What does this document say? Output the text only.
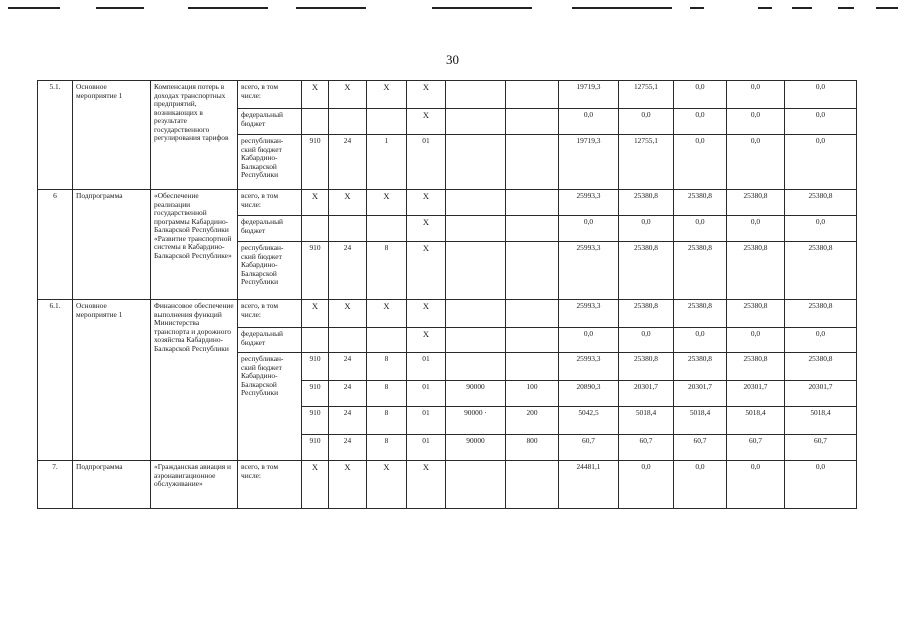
30
5.1.	Основное мероприятие 1	Компенсация потерь в доходах транспортных предприятий, возникающих в результате государственного регулирования тарифов	всего, в том числе:	Х	Х	Х	Х			19719,3	12755,1	0,0	0,0	0,0
			федеральный бюджет				Х			0,0	0,0	0,0	0,0	0,0
			республикан-ский бюджет Кабардино-Балкарской Республики	910	24	1	01			19719,3	12755,1	0,0	0,0	0,0
6	Подпрограмма	«Обеспечение реализации государственной программы Кабардино-Балкарской Республики «Развитие транспортной системы в Кабардино-Балкарской Республике»	всего, в том числе:	Х	Х	Х	Х			25993,3	25380,8	25380,8	25380,8	25380,8
			федеральный бюджет				Х			0,0	0,0	0,0	0,0	0,0
			республикан-ский бюджет Кабардино-Балкарской Республики	910	24	8	Х			25993,3	25380,8	25380,8	25380,8	25380,8
6.1.	Основное мероприятие 1	Финансовое обеспечение выполнения функций Министерства транспорта и дорожного хозяйства Кабардино-Балкарской Республики	всего, в том числе:	Х	Х	Х	Х			25993,3	25380,8	25380,8	25380,8	25380,8
			федеральный бюджет				Х			0,0	0,0	0,0	0,0	0,0
			республикан-ский бюджет Кабардино-Балкарской Республики	910	24	8	01			25993,3	25380,8	25380,8	25380,8	25380,8
				910	24	8	01	90000	100	20890,3	20301,7	20301,7	20301,7	20301,7
				910	24	8	01	90000 ·	200	5042,5	5018,4	5018,4	5018,4	5018,4
				910	24	8	01	90000	800	60,7	60,7	60,7	60,7	60,7
7.	Подпрограмма	«Гражданская авиация и аэронавигационное обслуживание»	всего, в том числе:	Х	Х	Х	Х			24481,1	0,0	0,0	0,0	0,0
